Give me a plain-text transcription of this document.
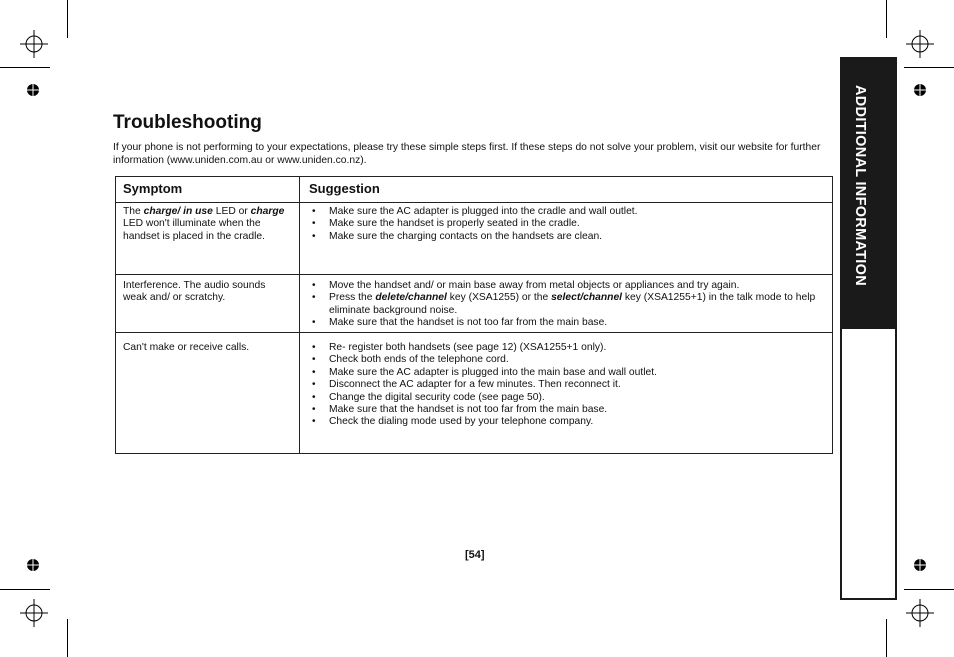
ADDITIONAL INFORMATION
Troubleshooting
If your phone is not performing to your expectations, please try these simple steps first. If these steps do not solve your problem, visit our website for further information (www.uniden.com.au or www.uniden.co.nz).
Symptom	Suggestion
The charge/ in use LED or charge LED won't illuminate when the handset is placed in the cradle.
• Make sure the AC adapter is plugged into the cradle and wall outlet.
• Make sure the handset is properly seated in the cradle.
• Make sure the charging contacts on the handsets are clean.
Interference. The audio sounds weak and/ or scratchy.
• Move the handset and/ or main base away from metal objects or appliances and try again.
• Press the delete/channel key (XSA1255) or the select/channel key (XSA1255+1) in the talk mode to help eliminate background noise.
• Make sure that the handset is not too far from the main base.
Can't make or receive calls.
•	Re- register both handsets (see page 12) (XSA1255+1 only).
• Check both ends of the telephone cord.
• Make sure the AC adapter is plugged into the main base and wall outlet.
• Disconnect the AC adapter for a few minutes. Then reconnect it.
• Change the digital security code (see page 50).
• Make sure that the handset is not too far from the main base.
• Check the dialing mode used by your telephone company.
[54]
